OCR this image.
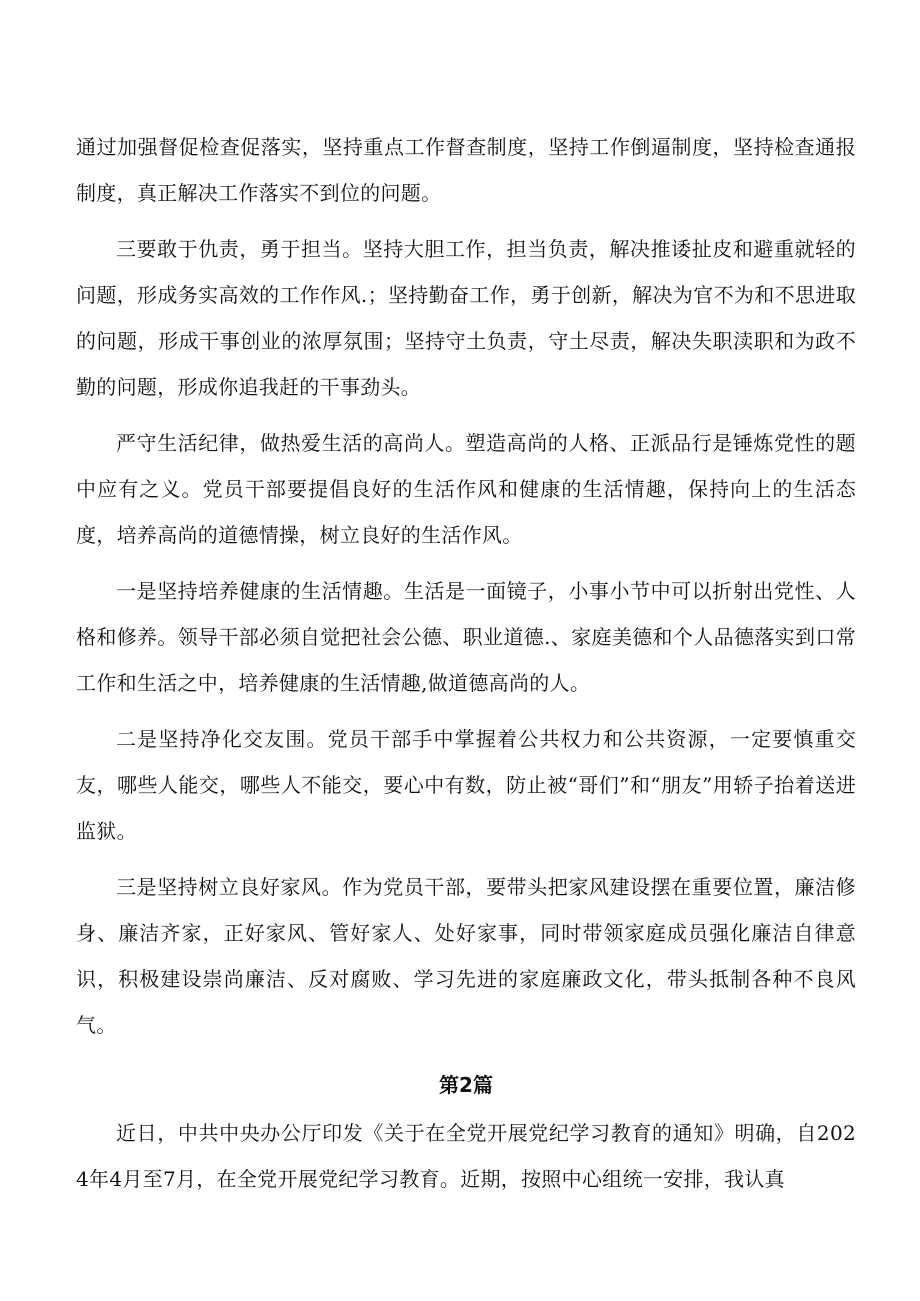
通过加强督促检查促落实，坚持重点工作督查制度，坚持工作倒逼制度，坚持检查通报制度，真正解决工作落实不到位的问题。

三要敢于仇责，勇于担当。坚持大胆工作，担当负责，解决推诿扯皮和避重就轻的问题，形成务实高效的工作作风.；坚持勤奋工作，勇于创新，解决为官不为和不思进取的问题，形成干事创业的浓厚氛围；坚持守土负责，守土尽责，解决失职渎职和为政不勤的问题，形成你追我赶的干事劲头。

严守生活纪律，做热爱生活的高尚人。塑造高尚的人格、正派品行是锤炼党性的题中应有之义。党员干部要提倡良好的生活作风和健康的生活情趣，保持向上的生活态度，培养高尚的道德情操，树立良好的生活作风。

一是坚持培养健康的生活情趣。生活是一面镜子，小事小节中可以折射出党性、人格和修养。领导干部必须自觉把社会公德、职业道德.、家庭美德和个人品德落实到口常工作和生活之中，培养健康的生活情趣,做道德高尚的人。

二是坚持净化交友围。党员干部手中掌握着公共权力和公共资源，一定要慎重交友，哪些人能交，哪些人不能交，要心中有数，防止被“哥们”和“朋友”用轿子抬着送进监狱。

三是坚持树立良好家风。作为党员干部，要带头把家风建设摆在重要位置，廉洁修身、廉洁齐家，正好家风、管好家人、处好家事，同时带领家庭成员强化廉洁自律意识，积极建设崇尚廉洁、反对腐败、学习先进的家庭廉政文化，带头抵制各种不良风气。

第2篇

近日，中共中央办公厅印发《关于在全党开展党纪学习教育的通知》明确，自2024年4月至7月，在全党开展党纪学习教育。近期，按照中心组统一安排，我认真
